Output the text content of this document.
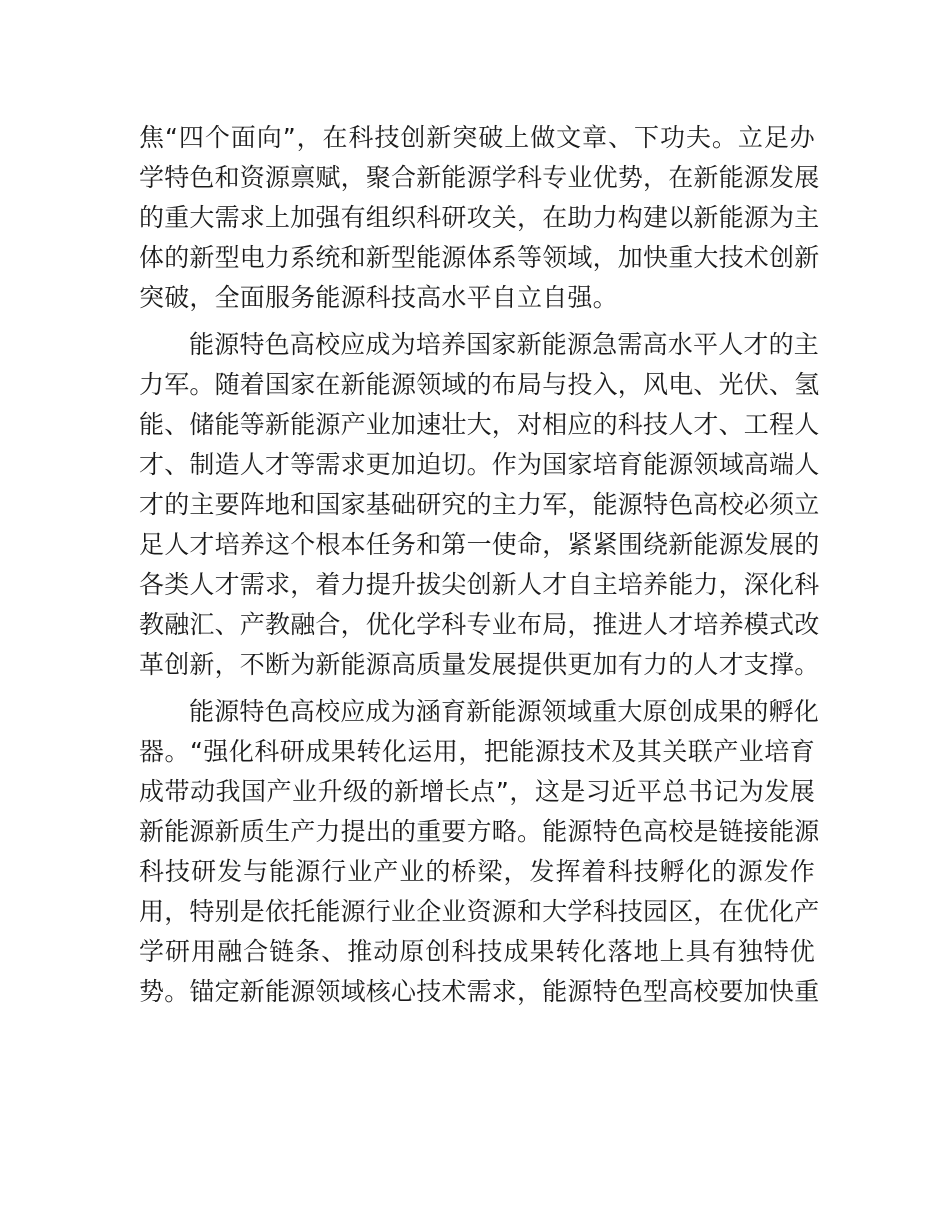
焦“四个面向”，在科技创新突破上做文章、下功夫。立足办
学特色和资源禀赋，聚合新能源学科专业优势，在新能源发展
的重大需求上加强有组织科研攻关，在助力构建以新能源为主
体的新型电力系统和新型能源体系等领域，加快重大技术创新
突破，全面服务能源科技高水平自立自强。
能源特色高校应成为培养国家新能源急需高水平人才的主
力军。随着国家在新能源领域的布局与投入，风电、光伏、氢
能、储能等新能源产业加速壮大，对相应的科技人才、工程人
才、制造人才等需求更加迫切。作为国家培育能源领域高端人
才的主要阵地和国家基础研究的主力军，能源特色高校必须立
足人才培养这个根本任务和第一使命，紧紧围绕新能源发展的
各类人才需求，着力提升拔尖创新人才自主培养能力，深化科
教融汇、产教融合，优化学科专业布局，推进人才培养模式改
革创新，不断为新能源高质量发展提供更加有力的人才支撑。
能源特色高校应成为涵育新能源领域重大原创成果的孵化
器。“强化科研成果转化运用，把能源技术及其关联产业培育
成带动我国产业升级的新增长点”，这是习近平总书记为发展
新能源新质生产力提出的重要方略。能源特色高校是链接能源
科技研发与能源行业产业的桥梁，发挥着科技孵化的源发作
用，特别是依托能源行业企业资源和大学科技园区，在优化产
学研用融合链条、推动原创科技成果转化落地上具有独特优
势。锚定新能源领域核心技术需求，能源特色型高校要加快重
